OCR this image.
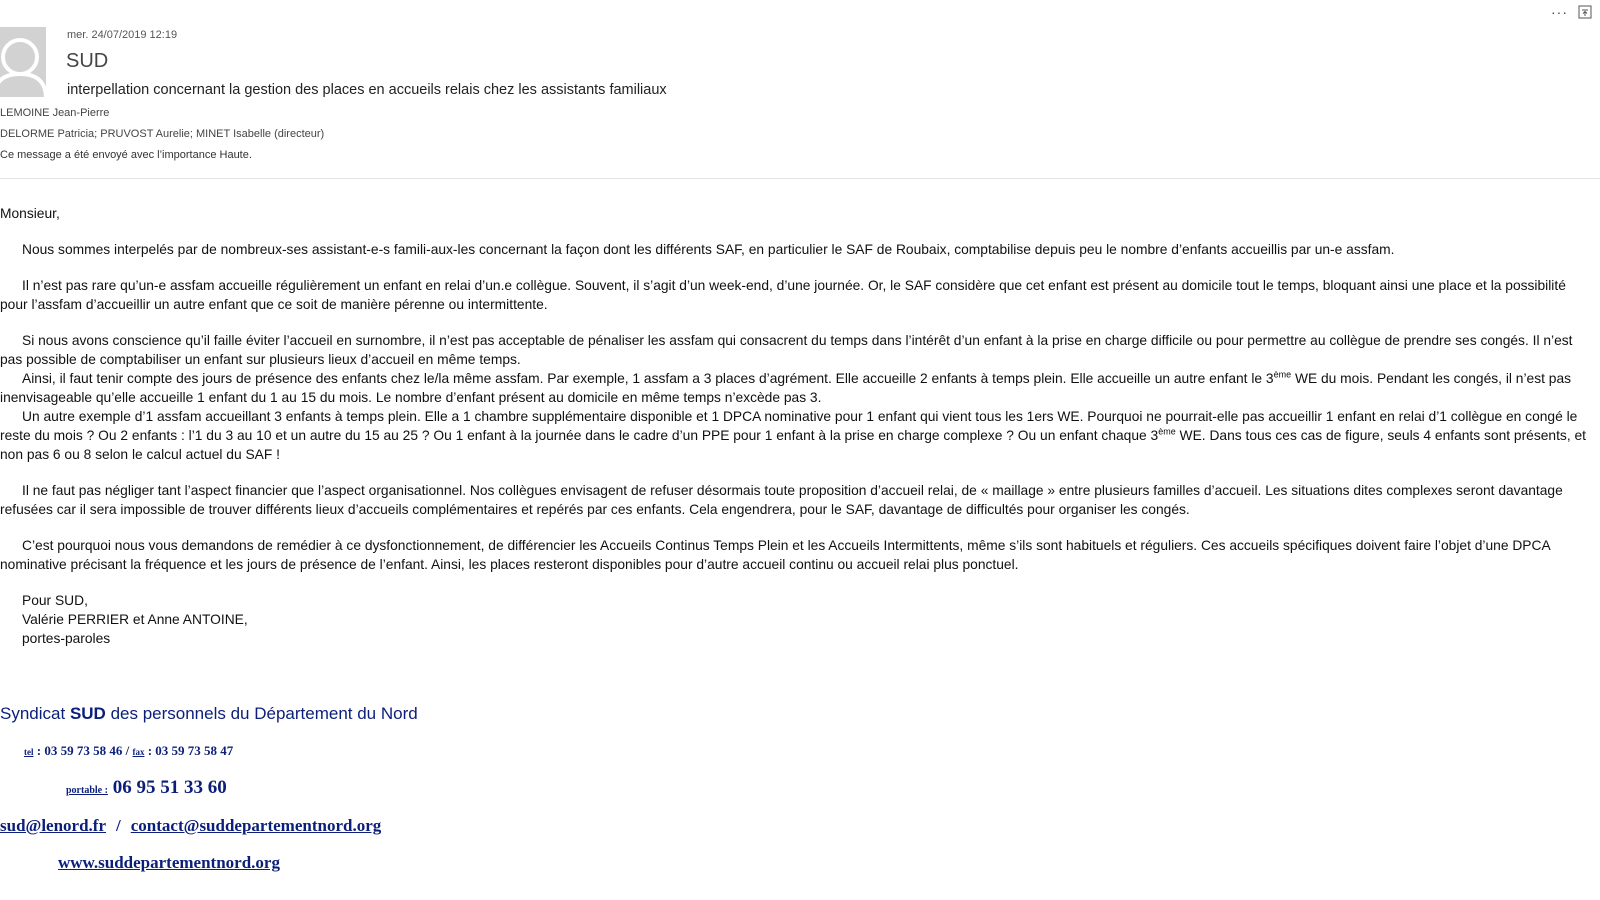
···
mer. 24/07/2019 12:19
SUD
interpellation concernant la gestion des places en accueils relais chez les assistants familiaux
LEMOINE Jean-Pierre
DELORME Patricia; PRUVOST Aurelie; MINET Isabelle (directeur)
Ce message a été envoyé avec l’importance Haute.

Monsieur,

Nous sommes interpelés par de nombreux-ses assistant-e-s famili-aux-les concernant la façon dont les différents SAF, en particulier le SAF de Roubaix, comptabilise depuis peu le nombre d’enfants accueillis par un-e assfam.

Il n’est pas rare qu’un-e assfam accueille régulièrement un enfant en relai d’un.e collègue. Souvent, il s’agit d’un week-end, d’une journée. Or, le SAF considère que cet enfant est présent au domicile tout le temps, bloquant ainsi une place et la possibilité pour l’assfam d’accueillir un autre enfant que ce soit de manière pérenne ou intermittente.

Si nous avons conscience qu’il faille éviter l’accueil en surnombre, il n’est pas acceptable de pénaliser les assfam qui consacrent du temps dans l’intérêt d’un enfant à la prise en charge difficile ou pour permettre au collègue de prendre ses congés. Il n’est pas possible de comptabiliser un enfant sur plusieurs lieux d’accueil en même temps.

Ainsi, il faut tenir compte des jours de présence des enfants chez le/la même assfam. Par exemple, 1 assfam a 3 places d’agrément. Elle accueille 2 enfants à temps plein. Elle accueille un autre enfant le 3ème WE du mois. Pendant les congés, il n’est pas inenvisageable qu’elle accueille 1 enfant du 1 au 15 du mois. Le nombre d’enfant présent au domicile en même temps n’excède pas 3.

Un autre exemple d’1 assfam accueillant 3 enfants à temps plein. Elle a 1 chambre supplémentaire disponible et 1 DPCA nominative pour 1 enfant qui vient tous les 1ers WE. Pourquoi ne pourrait-elle pas accueillir 1 enfant en relai d’1 collègue en congé le reste du mois ? Ou 2 enfants : l’1 du 3 au 10 et un autre du 15 au 25 ? Ou 1 enfant à la journée dans le cadre d’un PPE pour 1 enfant à la prise en charge complexe ? Ou un enfant chaque 3ème WE. Dans tous ces cas de figure, seuls 4 enfants sont présents, et non pas 6 ou 8 selon le calcul actuel du SAF !

Il ne faut pas négliger tant l’aspect financier que l’aspect organisationnel. Nos collègues envisagent de refuser désormais toute proposition d’accueil relai, de « maillage » entre plusieurs familles d’accueil. Les situations dites complexes seront davantage refusées car il sera impossible de trouver différents lieux d’accueils complémentaires et repérés par ces enfants. Cela engendrera, pour le SAF, davantage de difficultés pour organiser les congés.

C’est pourquoi nous vous demandons de remédier à ce dysfonctionnement, de différencier les Accueils Continus Temps Plein et les Accueils Intermittents, même s’ils sont habituels et réguliers. Ces accueils spécifiques doivent faire l’objet d’une DPCA nominative précisant la fréquence et les jours de présence de l’enfant. Ainsi, les places resteront disponibles pour d’autre accueil continu ou accueil relai plus ponctuel.

Pour SUD,

Valérie PERRIER et Anne ANTOINE,

portes-paroles

Syndicat SUD des personnels du Département du Nord
tel : 03 59 73 58 46 / fax : 03 59 73 58 47
portable : 06 95 51 33 60
sud@lenord.fr / contact@suddepartementnord.org
www.suddepartementnord.org
